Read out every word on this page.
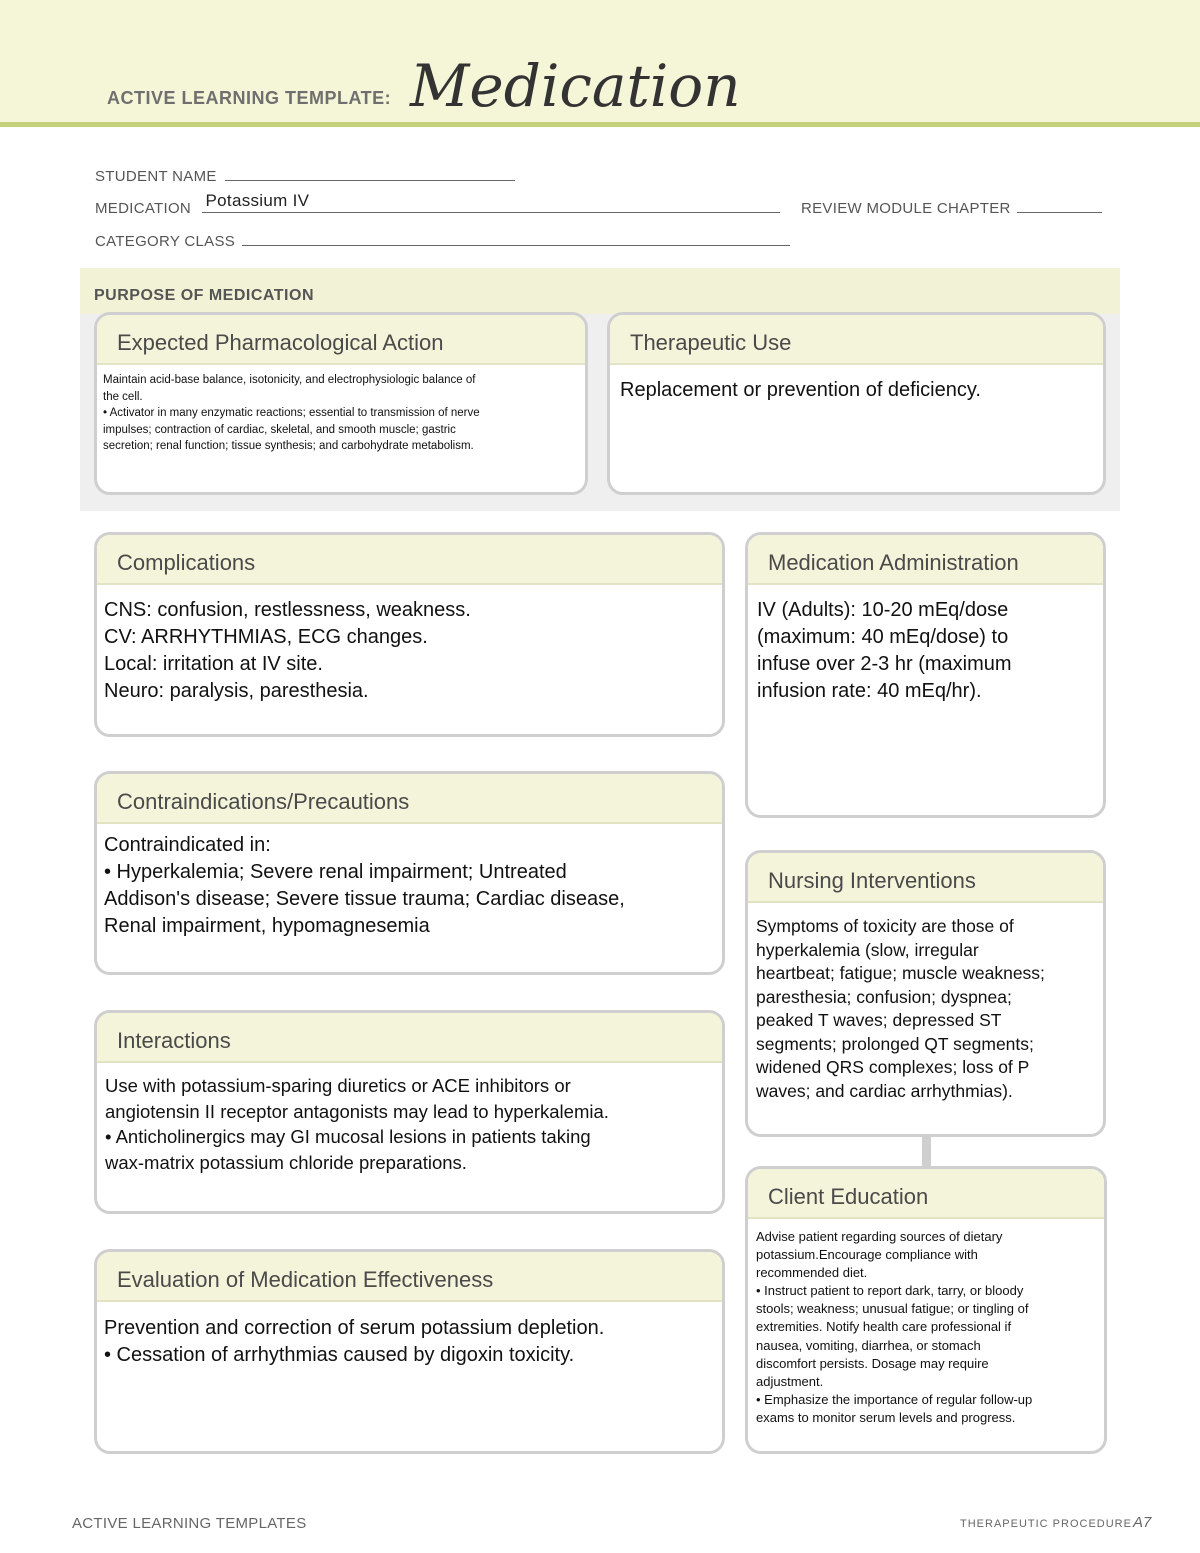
ACTIVE LEARNING TEMPLATE: Medication
STUDENT NAME
MEDICATION Potassium IV	REVIEW MODULE CHAPTER
CATEGORY CLASS
PURPOSE OF MEDICATION
Expected Pharmacological Action
Maintain acid-base balance, isotonicity, and electrophysiologic balance of
the cell.
• Activator in many enzymatic reactions; essential to transmission of nerve
impulses; contraction of cardiac, skeletal, and smooth muscle; gastric
secretion; renal function; tissue synthesis; and carbohydrate metabolism.
Therapeutic Use
Replacement or prevention of deficiency.
Complications
CNS: confusion, restlessness, weakness.
CV: ARRHYTHMIAS, ECG changes.
Local: irritation at IV site.
Neuro: paralysis, paresthesia.
Medication Administration
IV (Adults): 10-20 mEq/dose
(maximum: 40 mEq/dose) to
infuse over 2-3 hr (maximum
infusion rate: 40 mEq/hr).
Contraindications/Precautions
Contraindicated in:
• Hyperkalemia; Severe renal impairment; Untreated
Addison's disease; Severe tissue trauma; Cardiac disease,
Renal impairment, hypomagnesemia
Nursing Interventions
Symptoms of toxicity are those of
hyperkalemia (slow, irregular
heartbeat; fatigue; muscle weakness;
paresthesia; confusion; dyspnea;
peaked T waves; depressed ST
segments; prolonged QT segments;
widened QRS complexes; loss of P
waves; and cardiac arrhythmias).
Interactions
Use with potassium-sparing diuretics or ACE inhibitors or
angiotensin II receptor antagonists may lead to hyperkalemia.
• Anticholinergics may GI mucosal lesions in patients taking
wax-matrix potassium chloride preparations.
Client Education
Advise patient regarding sources of dietary
potassium.Encourage compliance with
recommended diet.
• Instruct patient to report dark, tarry, or bloody
stools; weakness; unusual fatigue; or tingling of
extremities. Notify health care professional if
nausea, vomiting, diarrhea, or stomach
discomfort persists. Dosage may require
adjustment.
• Emphasize the importance of regular follow-up
exams to monitor serum levels and progress.
Evaluation of Medication Effectiveness
Prevention and correction of serum potassium depletion.
• Cessation of arrhythmias caused by digoxin toxicity.
ACTIVE LEARNING TEMPLATES	THERAPEUTIC PROCEDURE A7
